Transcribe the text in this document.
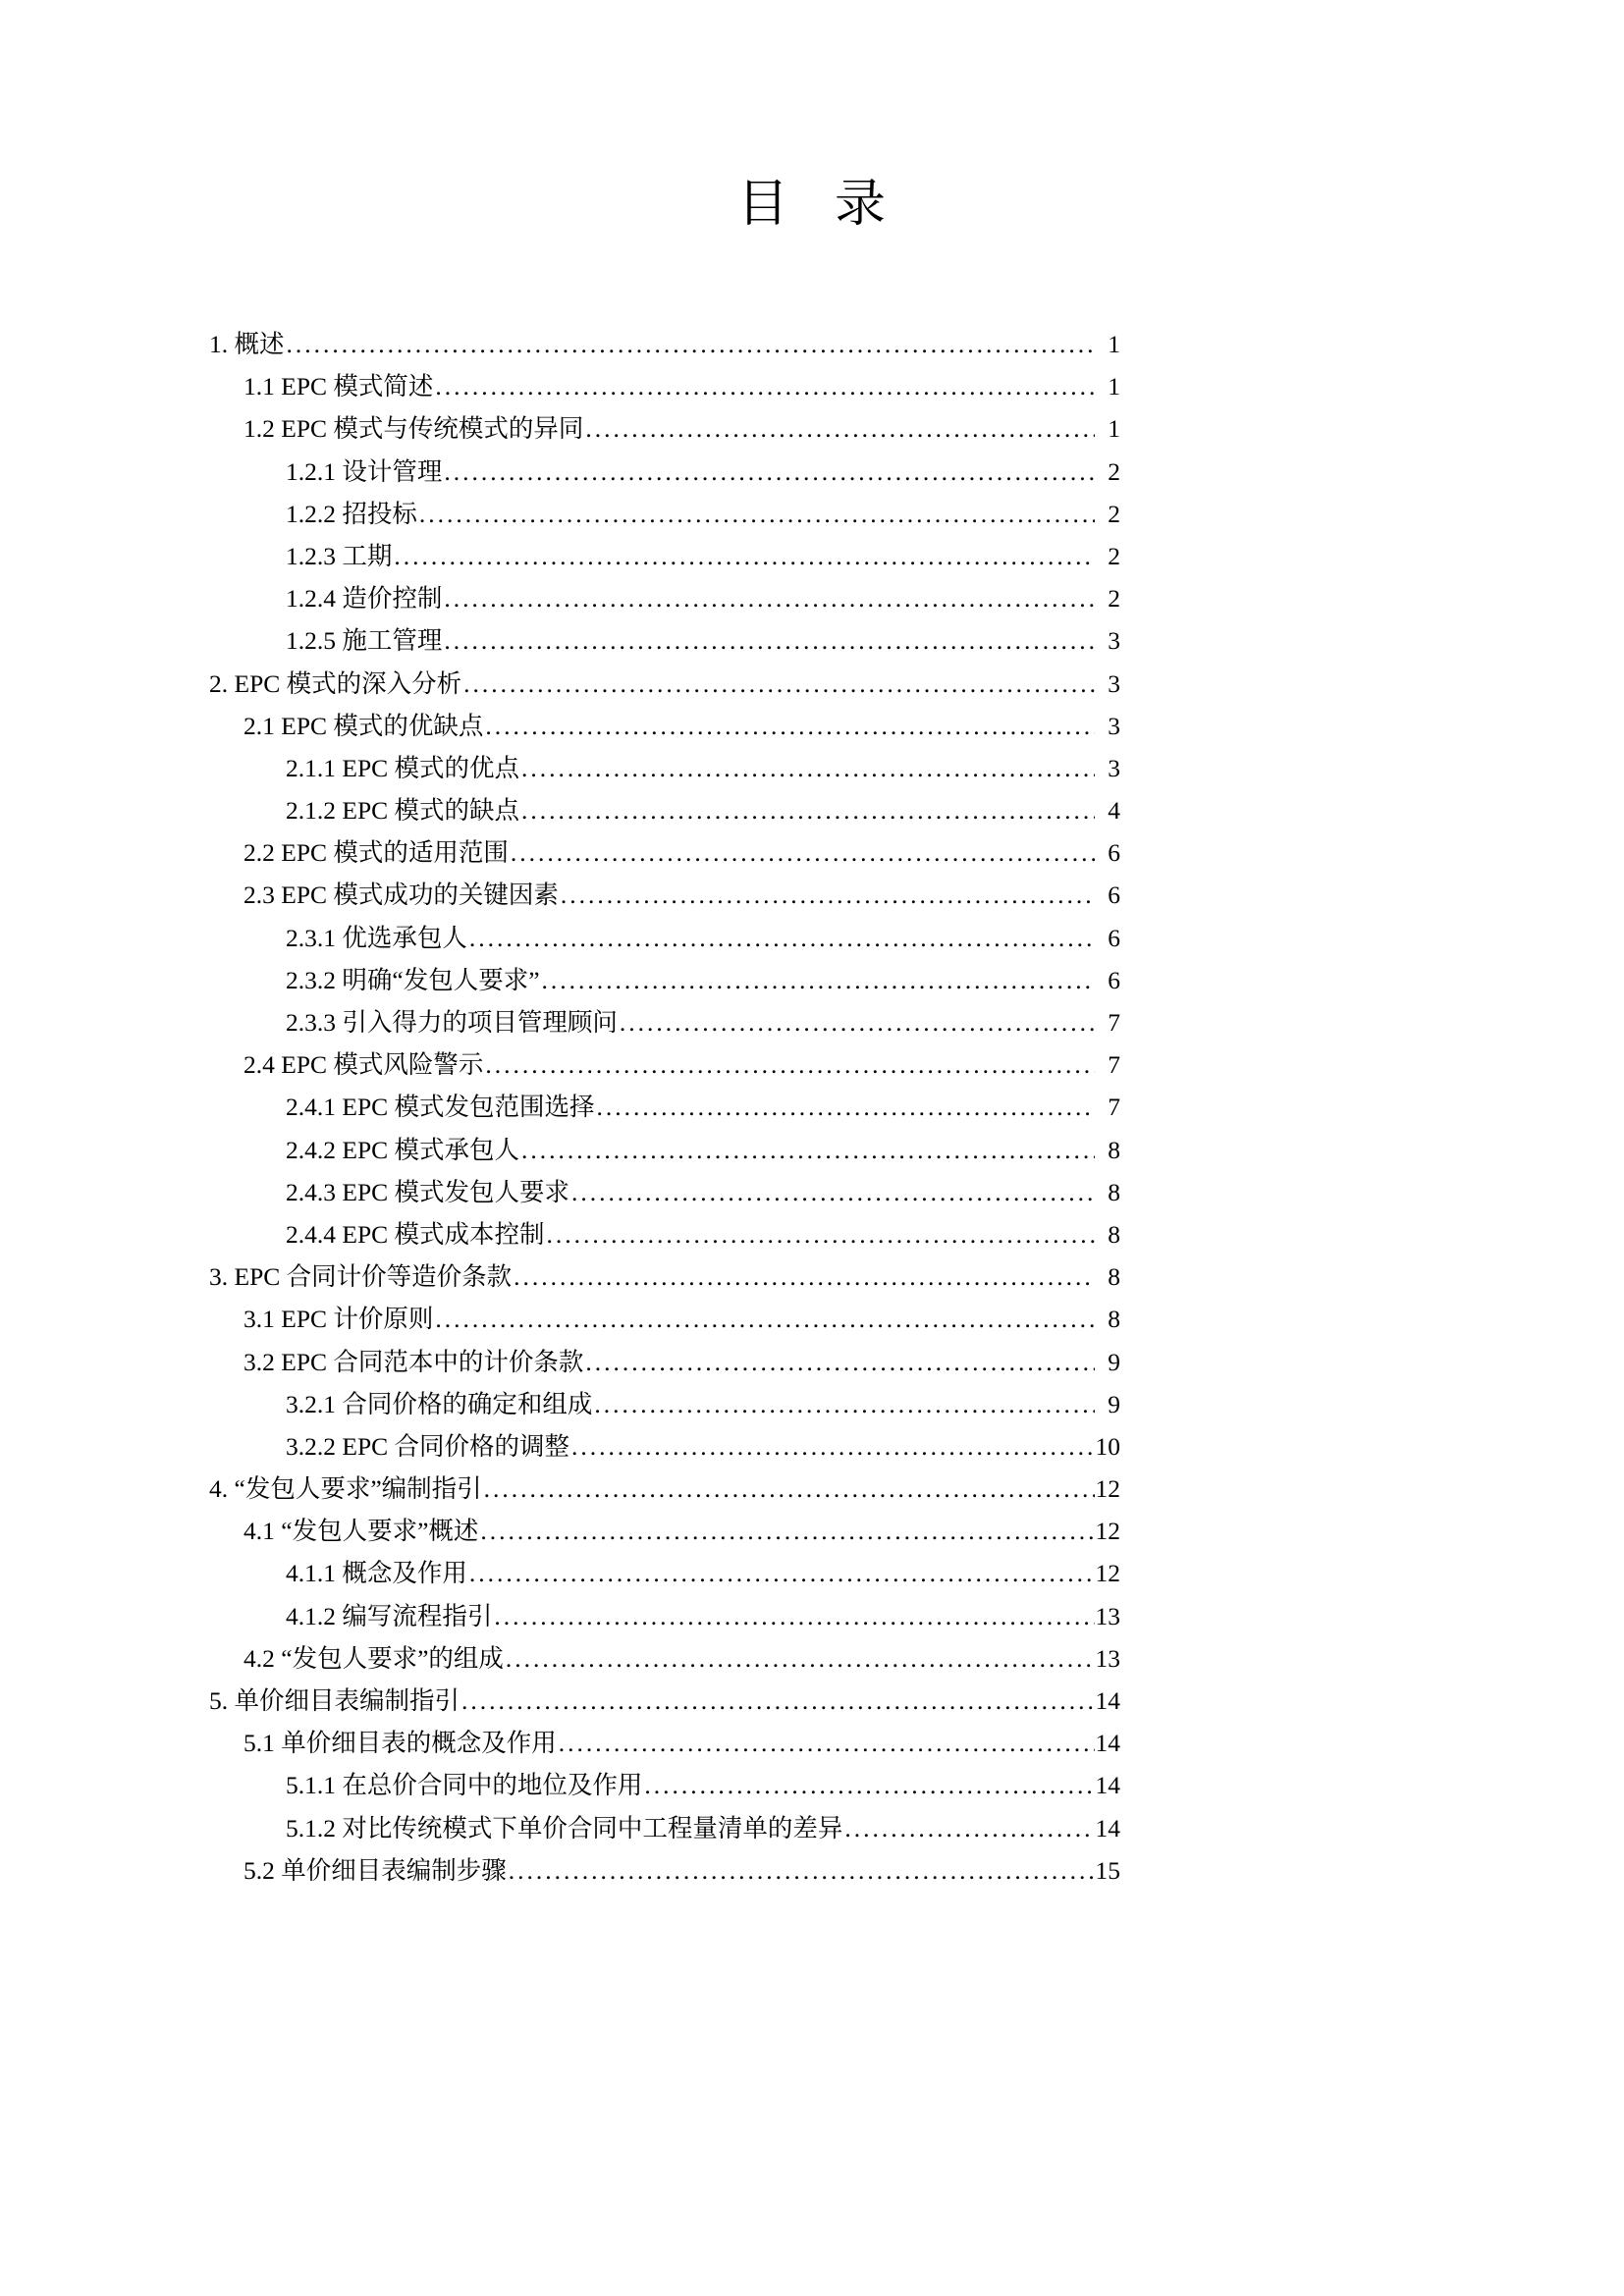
目 录
1. 概述 .....	1
1.1 EPC 模式简述 .....	1
1.2 EPC 模式与传统模式的异同 .....	1
1.2.1 设计管理 .....	2
1.2.2 招投标 .....	2
1.2.3 工期 .....	2
1.2.4 造价控制 .....	2
1.2.5 施工管理 .....	3
2. EPC 模式的深入分析 .....	3
2.1 EPC 模式的优缺点 .....	3
2.1.1 EPC 模式的优点 .....	3
2.1.2 EPC 模式的缺点 .....	4
2.2 EPC 模式的适用范围 .....	6
2.3 EPC 模式成功的关键因素 .....	6
2.3.1 优选承包人 .....	6
2.3.2 明确“发包人要求” .....	6
2.3.3 引入得力的项目管理顾问 .....	7
2.4 EPC 模式风险警示 .....	7
2.4.1 EPC 模式发包范围选择 .....	7
2.4.2 EPC 模式承包人 .....	8
2.4.3 EPC 模式发包人要求 .....	8
2.4.4 EPC 模式成本控制 .....	8
3. EPC 合同计价等造价条款 .....	8
3.1 EPC 计价原则 .....	8
3.2 EPC 合同范本中的计价条款 .....	9
3.2.1 合同价格的确定和组成 .....	9
3.2.2 EPC 合同价格的调整 .....	10
4. “发包人要求”编制指引 .....	12
4.1 “发包人要求”概述 .....	12
4.1.1 概念及作用 .....	12
4.1.2 编写流程指引 .....	13
4.2 “发包人要求”的组成 .....	13
5. 单价细目表编制指引 .....	14
5.1 单价细目表的概念及作用 .....	14
5.1.1 在总价合同中的地位及作用 .....	14
5.1.2 对比传统模式下单价合同中工程量清单的差异 .....	14
5.2 单价细目表编制步骤 .....	15
